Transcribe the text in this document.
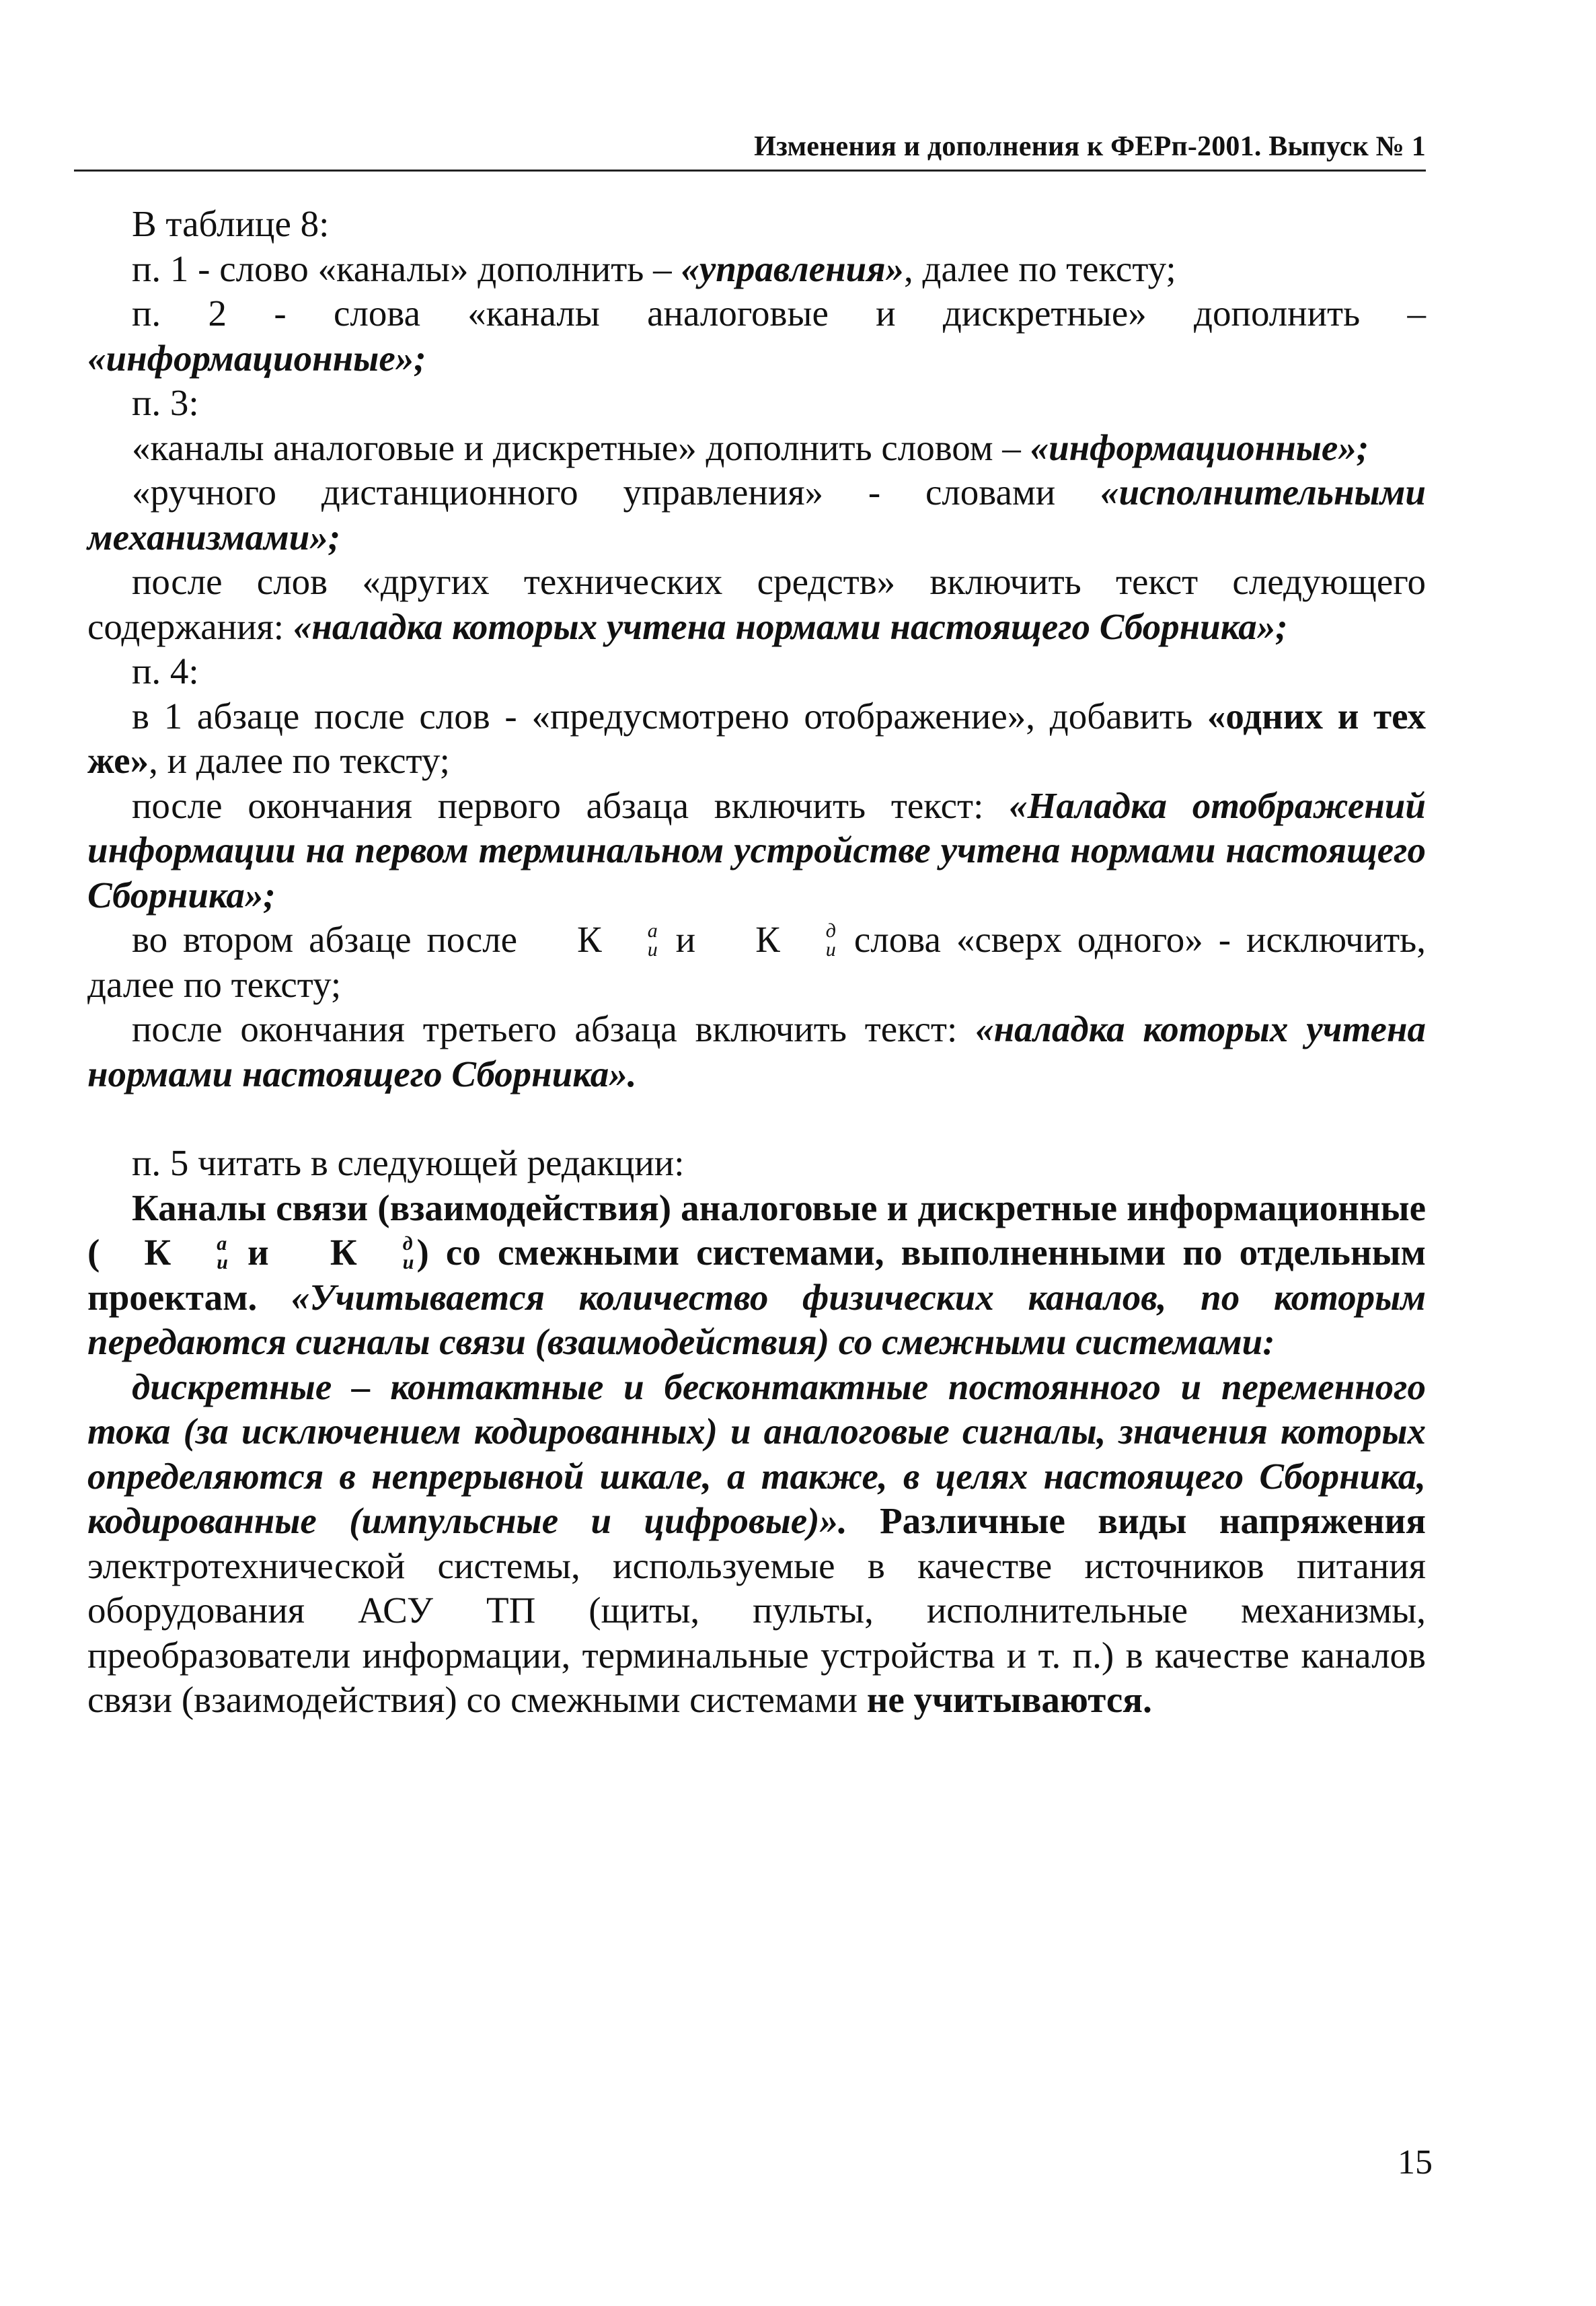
Изменения и дополнения к ФЕРп-2001. Выпуск № 1

В таблице 8:

п. 1 - слово «каналы» дополнить – «управления», далее по тексту;

п. 2 - слова «каналы аналоговые и дискретные» дополнить – «информационные»;

п. 3:

«каналы аналоговые и дискретные» дополнить словом – «информационные»;

«ручного дистанционного управления» - словами «исполнительными механизмами»;

после слов «других технических средств» включить текст следующего содержания: «наладка которых учтена нормами настоящего Сборника»;

п. 4:

в 1 абзаце после слов - «предусмотрено отображение», добавить «одних и тех же», и далее по тексту;

после окончания первого абзаца включить текст: «Наладка отображений информации на первом терминальном устройстве учтена нормами настоящего Сборника»;

во втором абзаце после К	а
и и К	д
и слова «сверх одного» - исключить, далее по тексту;

после окончания третьего абзаца включить текст: «наладка которых учтена нормами настоящего Сборника».

п. 5 читать в следующей редакции:

Каналы связи (взаимодействия) аналоговые и дискретные информационные ( К	а
и и К	д
и ) со смежными системами, выполненными по отдельным проектам. «Учитывается количество физических каналов, по которым передаются сигналы связи (взаимодействия) со смежными системами:

дискретные – контактные и бесконтактные постоянного и переменного тока (за исключением кодированных) и аналоговые сигналы, значения которых определяются в непрерывной шкале, а также, в целях настоящего Сборника, кодированные (импульсные и цифровые)». Различные виды напряжения электротехнической системы, используемые в качестве источников питания оборудования АСУ ТП (щиты, пульты, исполнительные механизмы, преобразователи информации, терминальные устройства и т. п.) в качестве каналов связи (взаимодействия) со смежными системами не учитываются.

15
